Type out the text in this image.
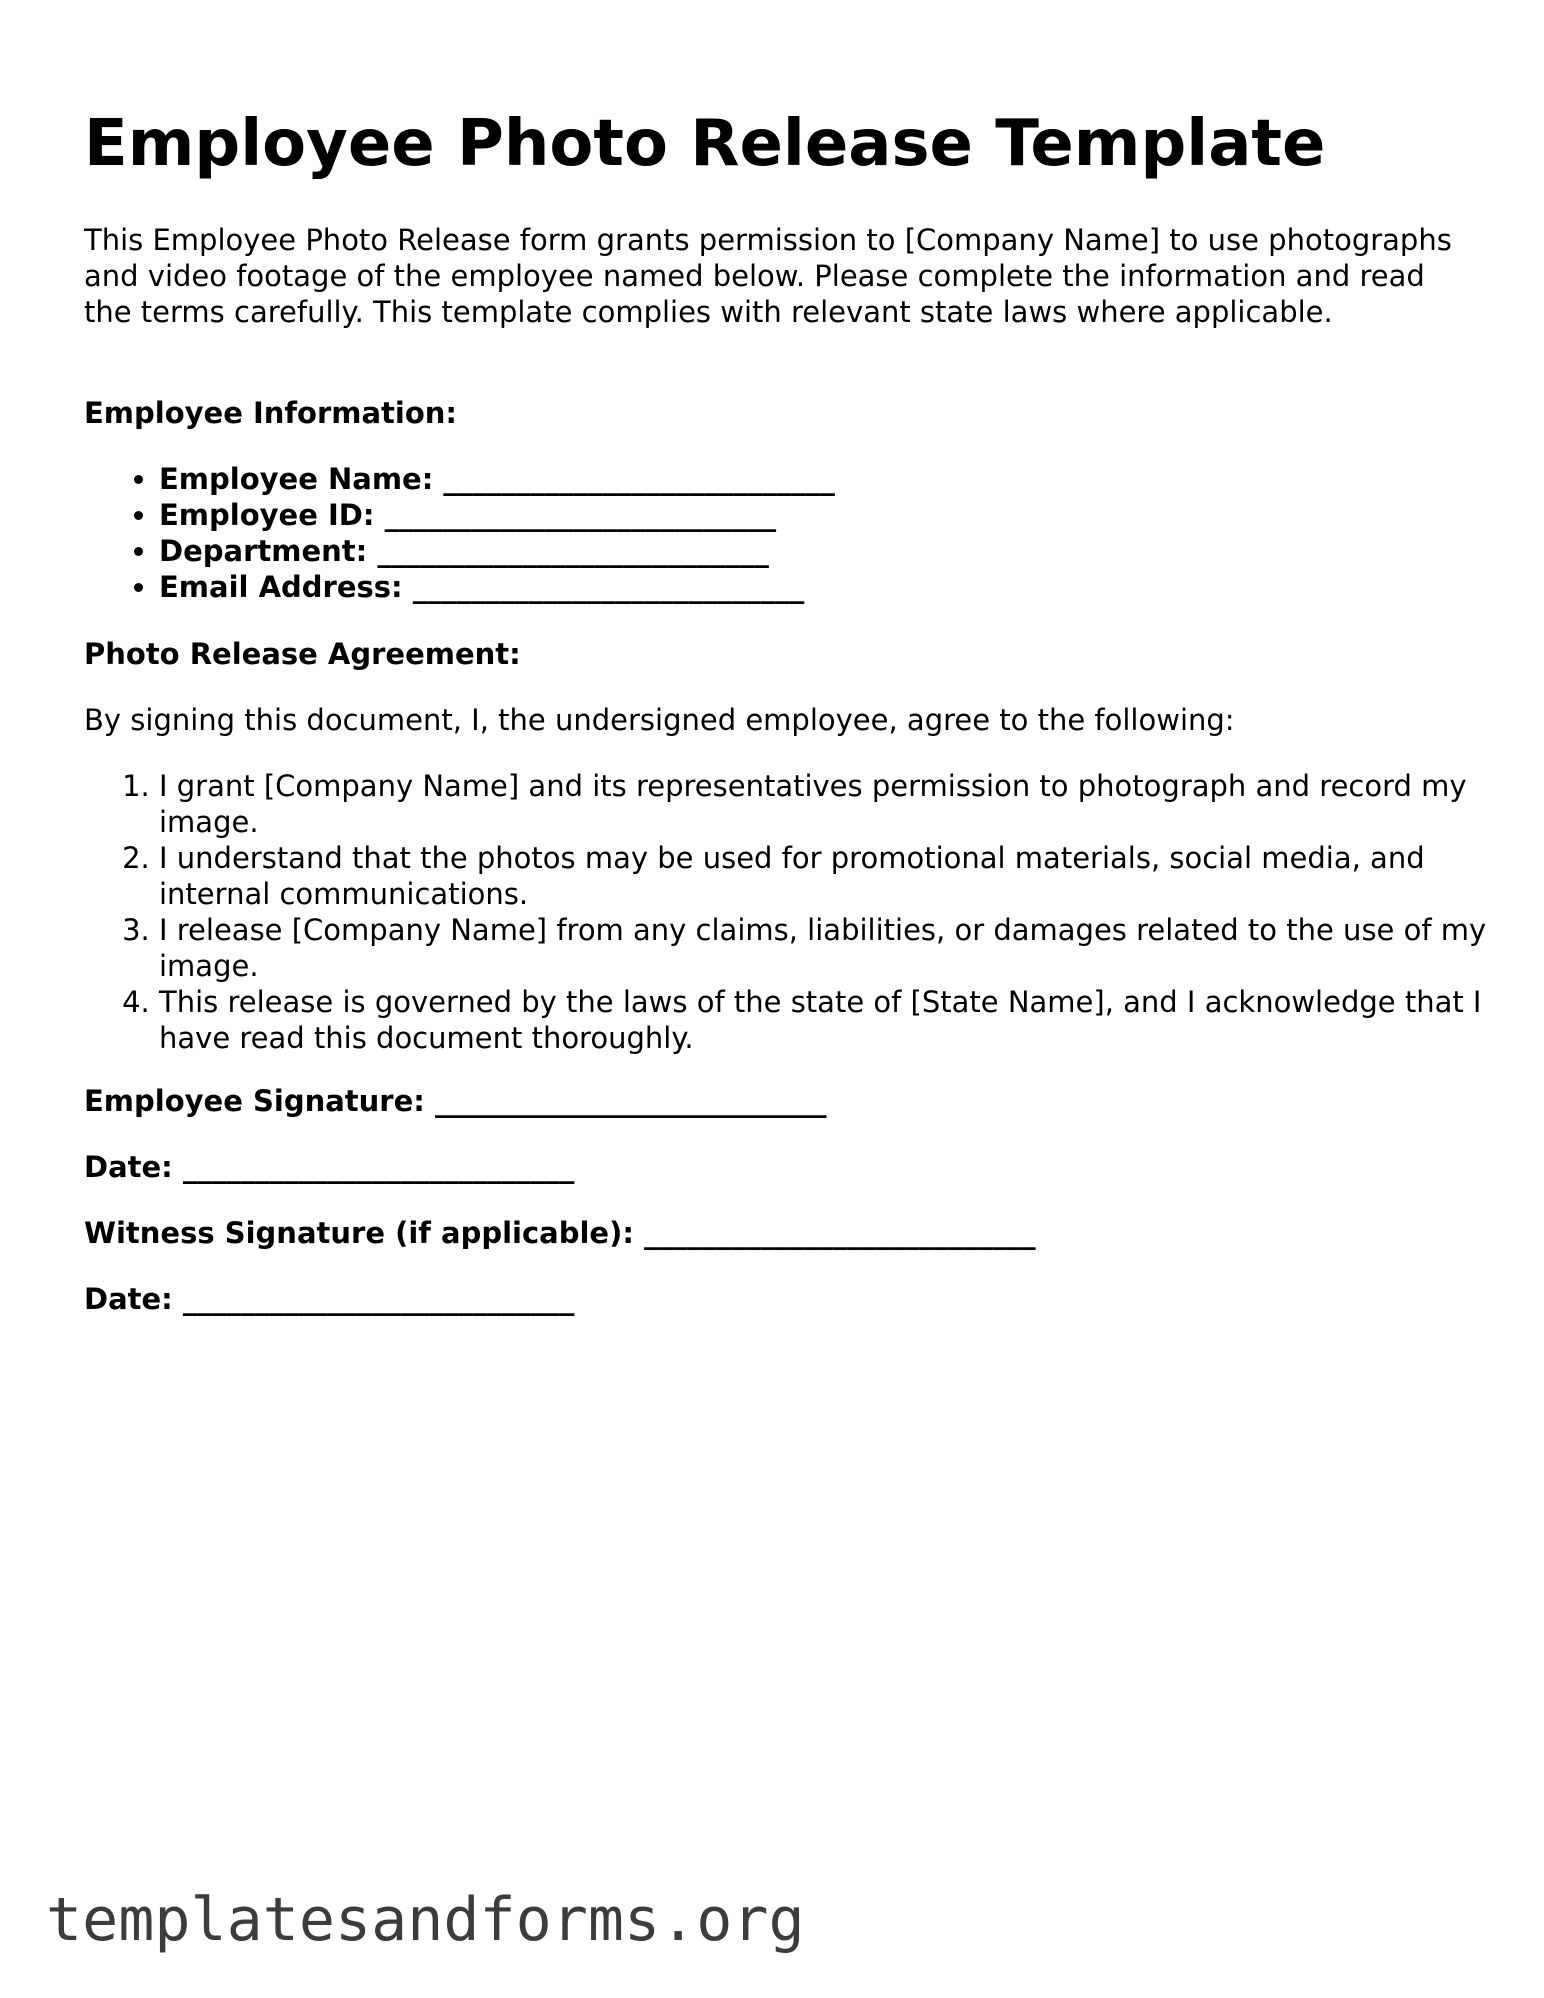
Employee Photo Release Template

This Employee Photo Release form grants permission to [Company Name] to use photographs and video footage of the employee named below. Please complete the information and read the terms carefully. This template complies with relevant state laws where applicable.

Employee Information:

• Employee Name: ___________________________
• Employee ID: ___________________________
• Department: ___________________________
• Email Address: ___________________________

Photo Release Agreement:

By signing this document, I, the undersigned employee, agree to the following:

1. I grant [Company Name] and its representatives permission to photograph and record my image.
2. I understand that the photos may be used for promotional materials, social media, and internal communications.
3. I release [Company Name] from any claims, liabilities, or damages related to the use of my image.
4. This release is governed by the laws of the state of [State Name], and I acknowledge that I have read this document thoroughly.

Employee Signature: ___________________________

Date: ___________________________

Witness Signature (if applicable): ___________________________

Date: ___________________________

templatesandforms.org
